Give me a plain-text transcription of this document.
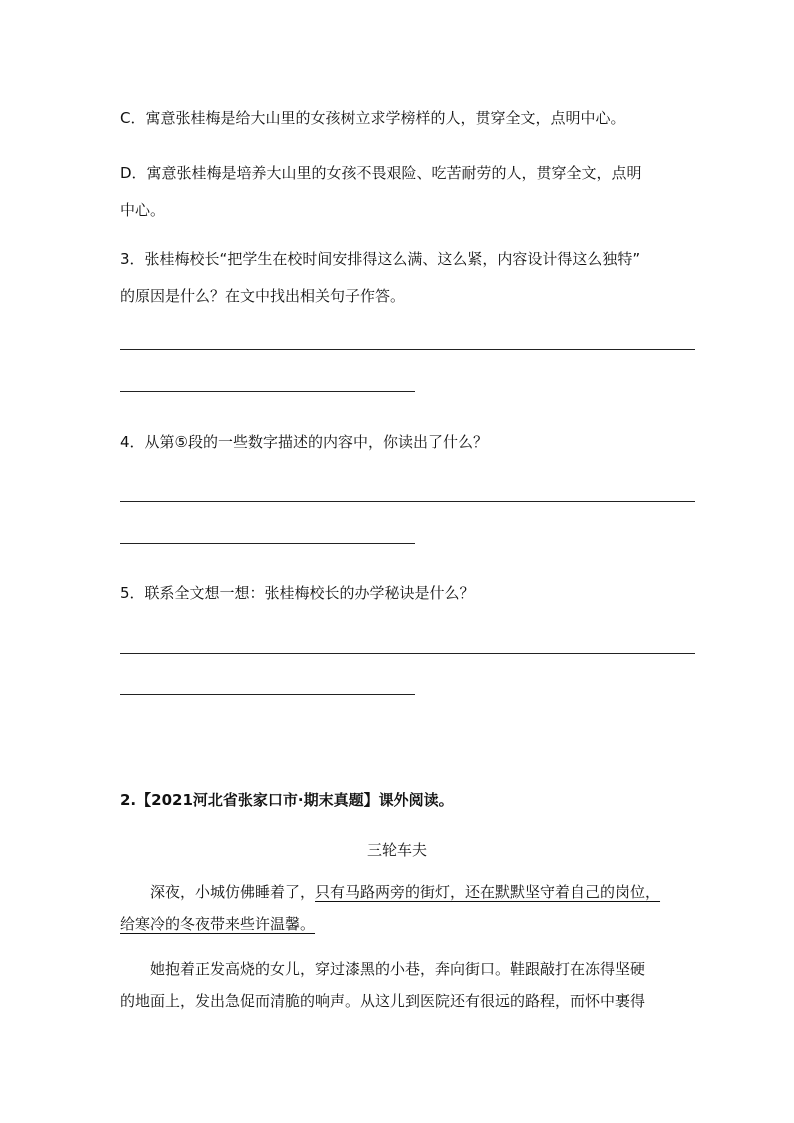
C．寓意张桂梅是给大山里的女孩树立求学榜样的人，贯穿全文，点明中心。
D．寓意张桂梅是培养大山里的女孩不畏艰险、吃苦耐劳的人，贯穿全文，点明
中心。
3．张桂梅校长“把学生在校时间安排得这么满、这么紧，内容设计得这么独特”
的原因是什么？在文中找出相关句子作答。
4．从第⑤段的一些数字描述的内容中，你读出了什么？
5．联系全文想一想：张桂梅校长的办学秘诀是什么？
2.【2021河北省张家口市·期末真题】课外阅读。
三轮车夫
深夜，小城仿佛睡着了，只有马路两旁的街灯，还在默默坚守着自己的岗位，
给寒冷的冬夜带来些许温馨。
她抱着正发高烧的女儿，穿过漆黑的小巷，奔向街口。鞋跟敲打在冻得坚硬
的地面上，发出急促而清脆的响声。从这儿到医院还有很远的路程，而怀中裹得
